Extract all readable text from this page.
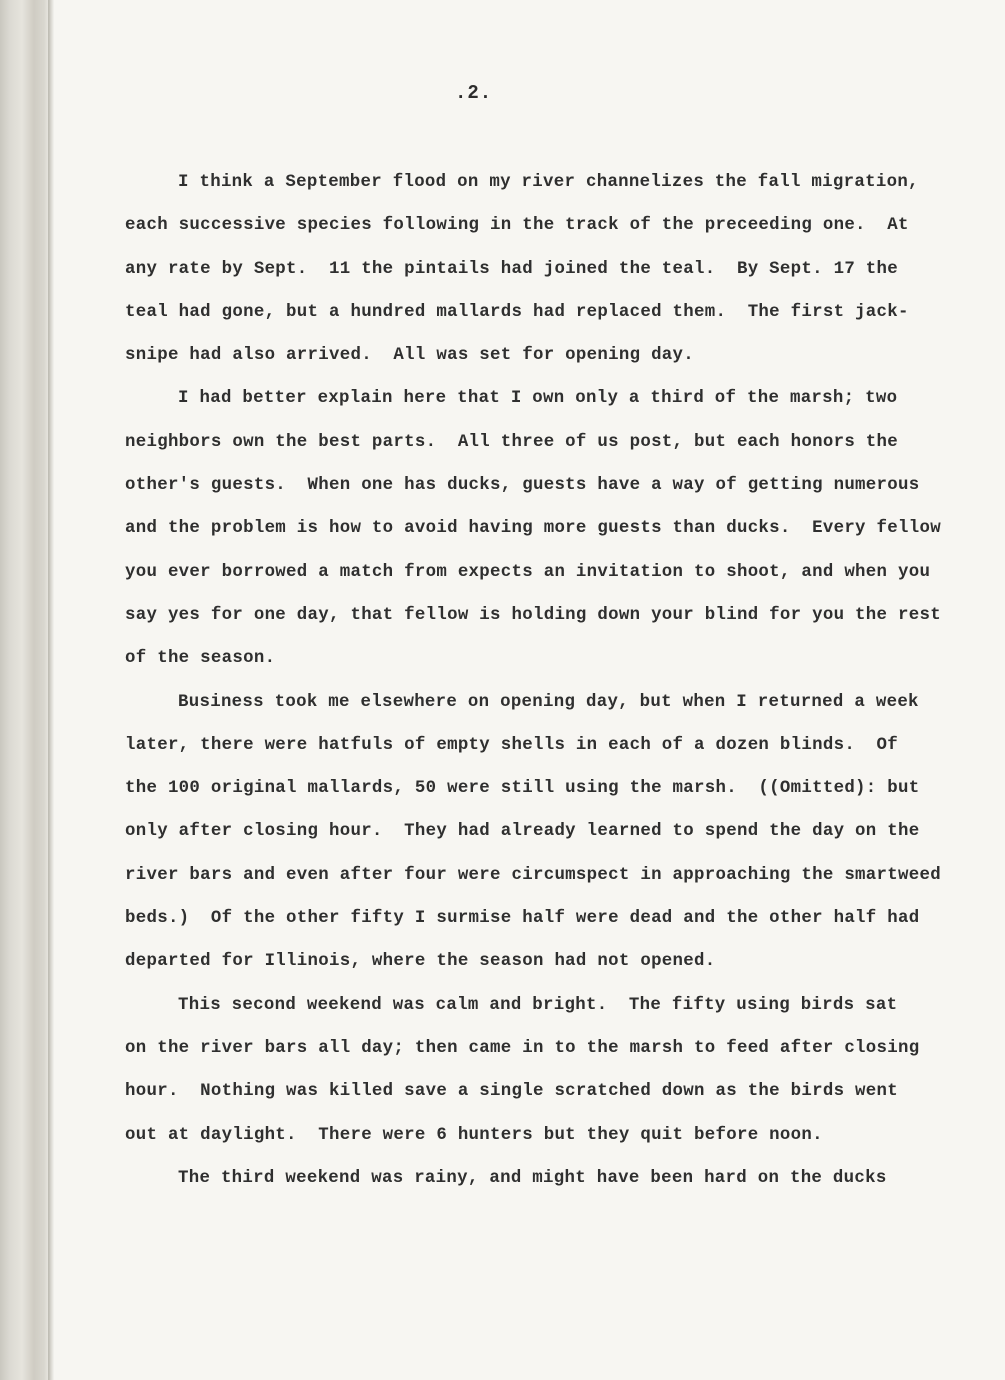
.2.
I think a September flood on my river channelizes the fall migration,
each successive species following in the track of the preceeding one.  At
any rate by Sept.  11 the pintails had joined the teal.  By Sept. 17 the
teal had gone, but a hundred mallards had replaced them.  The first jack-
snipe had also arrived.  All was set for opening day.
I had better explain here that I own only a third of the marsh; two
neighbors own the best parts.  All three of us post, but each honors the
other's guests.  When one has ducks, guests have a way of getting numerous
and the problem is how to avoid having more guests than ducks.  Every fellow
you ever borrowed a match from expects an invitation to shoot, and when you
say yes for one day, that fellow is holding down your blind for you the rest
of the season.
Business took me elsewhere on opening day, but when I returned a week
later, there were hatfuls of empty shells in each of a dozen blinds.  Of
the 100 original mallards, 50 were still using the marsh.  ((Omitted): but
only after closing hour.  They had already learned to spend the day on the
river bars and even after four were circumspect in approaching the smartweed
beds.)  Of the other fifty I surmise half were dead and the other half had
departed for Illinois, where the season had not opened.
This second weekend was calm and bright.  The fifty using birds sat
on the river bars all day; then came in to the marsh to feed after closing
hour.  Nothing was killed save a single scratched down as the birds went
out at daylight.  There were 6 hunters but they quit before noon.
The third weekend was rainy, and might have been hard on the ducks
